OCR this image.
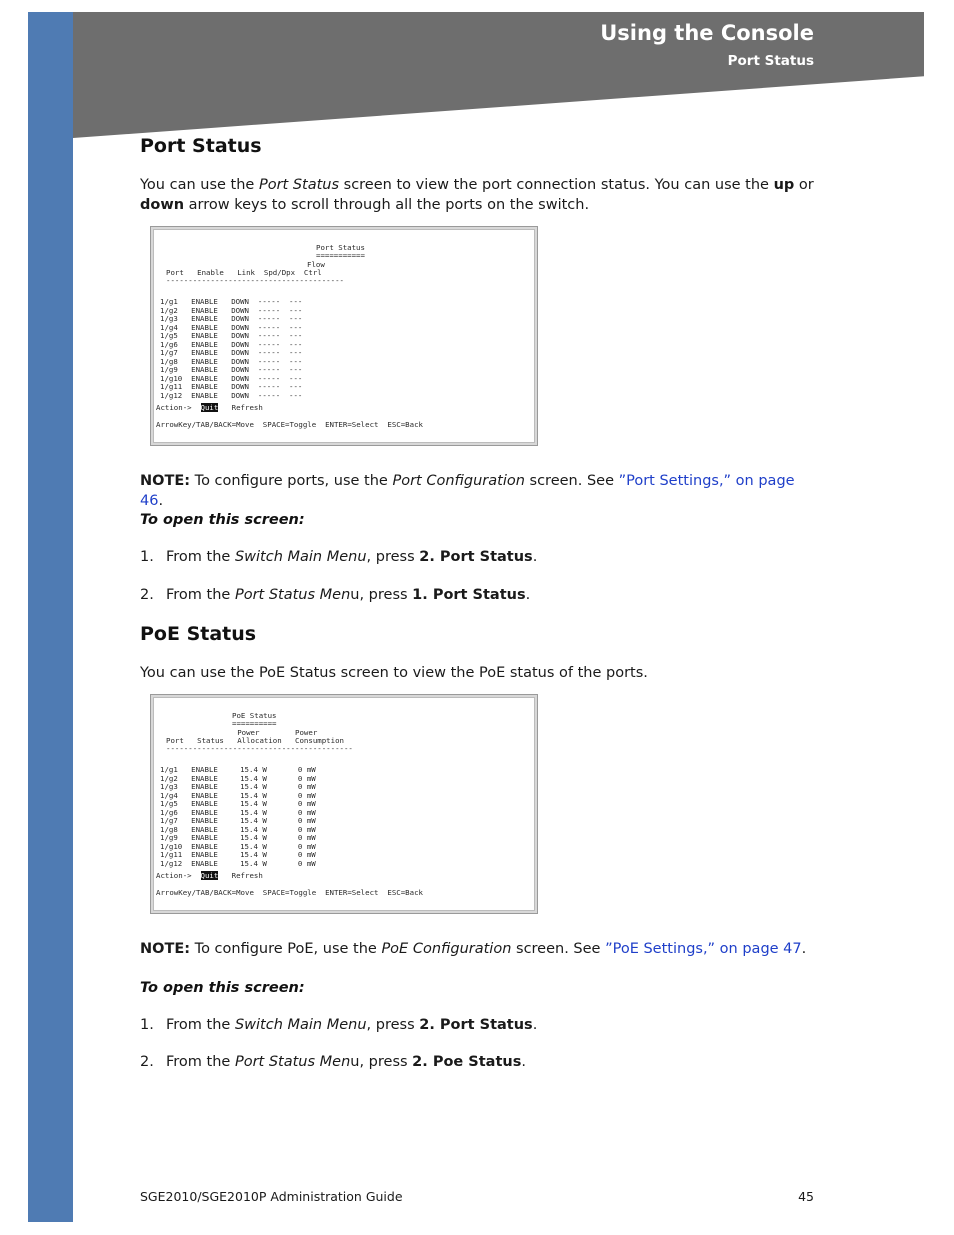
Using the Console
Port Status
Port Status
You can use the Port Status screen to view the port connection status. You can use the up or
down arrow keys to scroll through all the ports on the switch.

Port Status

===========

Flow

Port   Enable   Link  Spd/Dpx  Ctrl

----------------------------------------

1/g1   ENABLE   DOWN  -----  ---
1/g2   ENABLE   DOWN  -----  ---
1/g3   ENABLE   DOWN  -----  ---
1/g4   ENABLE   DOWN  -----  ---
1/g5   ENABLE   DOWN  -----  ---
1/g6   ENABLE   DOWN  -----  ---
1/g7   ENABLE   DOWN  -----  ---
1/g8   ENABLE   DOWN  -----  ---
1/g9   ENABLE   DOWN  -----  ---
1/g10  ENABLE   DOWN  -----  ---
1/g11  ENABLE   DOWN  -----  ---
1/g12  ENABLE   DOWN  -----  ---

Action->  Quit   Refresh

ArrowKey/TAB/BACK=Move  SPACE=Toggle  ENTER=Select  ESC=Back

NOTE: To configure ports, use the Port Configuration screen. See ”Port Settings,” on page 46.
To open this screen:
1. From the Switch Main Menu, press 2. Port Status.
2. From the Port Status Menu, press 1. Port Status.
PoE Status
You can use the PoE Status screen to view the PoE status of the ports.

PoE Status

==========

Power        Power

Port   Status   Allocation   Consumption

------------------------------------------

1/g1   ENABLE     15.4 W       0 mW
1/g2   ENABLE     15.4 W       0 mW
1/g3   ENABLE     15.4 W       0 mW
1/g4   ENABLE     15.4 W       0 mW
1/g5   ENABLE     15.4 W       0 mW
1/g6   ENABLE     15.4 W       0 mW
1/g7   ENABLE     15.4 W       0 mW
1/g8   ENABLE     15.4 W       0 mW
1/g9   ENABLE     15.4 W       0 mW
1/g10  ENABLE     15.4 W       0 mW
1/g11  ENABLE     15.4 W       0 mW
1/g12  ENABLE     15.4 W       0 mW

Action->  Quit   Refresh

ArrowKey/TAB/BACK=Move  SPACE=Toggle  ENTER=Select  ESC=Back

NOTE: To configure PoE, use the PoE Configuration screen. See ”PoE Settings,” on page 47.
To open this screen:
1. From the Switch Main Menu, press 2. Port Status.
2. From the Port Status Menu, press 2. Poe Status.
SGE2010/SGE2010P Administration Guide	45
